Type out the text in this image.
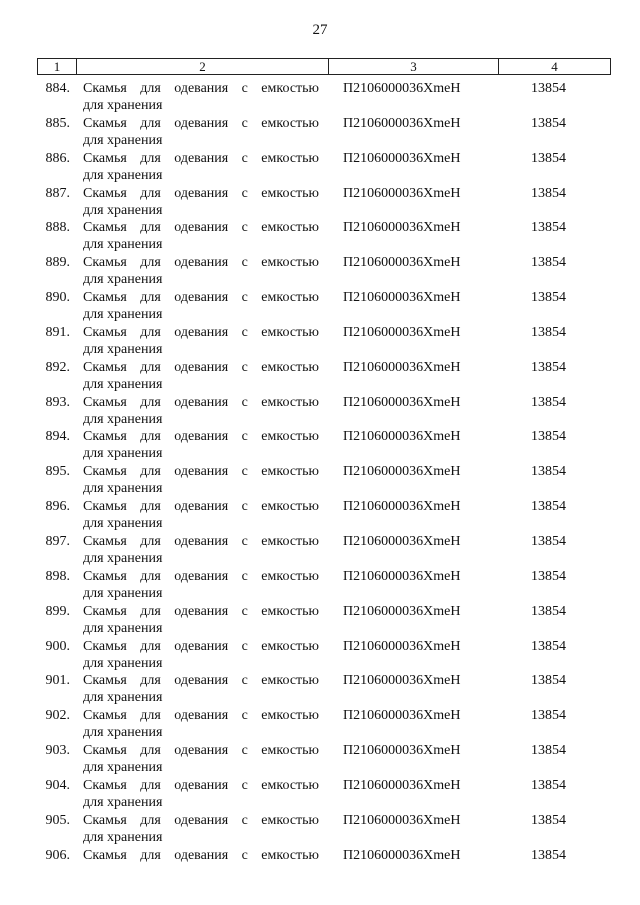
27
1	2	3	4
884. Скамья для одевания с емкостью
для хранения
П2106000036ХmeH	13854
885. Скамья для одевания с емкостью
для хранения
П2106000036ХmeH	13854
886. Скамья для одевания с емкостью
для хранения
П2106000036ХmeH	13854
887. Скамья для одевания с емкостью
для хранения
П2106000036ХmeH	13854
888. Скамья для одевания с емкостью
для хранения
П2106000036ХmeH	13854
889. Скамья для одевания с емкостью
для хранения
П2106000036ХmeH	13854
890. Скамья для одевания с емкостью
для хранения
П2106000036ХmeH	13854
891. Скамья для одевания с емкостью
для хранения
П2106000036ХmeH	13854
892. Скамья для одевания с емкостью
для хранения
П2106000036ХmeH	13854
893. Скамья для одевания с емкостью
для хранения
П2106000036ХmeH	13854
894. Скамья для одевания с емкостью
для хранения
П2106000036ХmeH	13854
895. Скамья для одевания с емкостью
для хранения
П2106000036ХmeH	13854
896. Скамья для одевания с емкостью
для хранения
П2106000036ХmeH	13854
897. Скамья для одевания с емкостью
для хранения
П2106000036ХmeH	13854
898. Скамья для одевания с емкостью
для хранения
П2106000036ХmeH	13854
899. Скамья для одевания с емкостью
для хранения
П2106000036ХmeH	13854
900. Скамья для одевания с емкостью
для хранения
П2106000036ХmeH	13854
901. Скамья для одевания с емкостью
для хранения
П2106000036ХmeH	13854
902. Скамья для одевания с емкостью
для хранения
П2106000036ХmeH	13854
903. Скамья для одевания с емкостью
для хранения
П2106000036ХmeH	13854
904. Скамья для одевания с емкостью
для хранения
П2106000036ХmeH	13854
905. Скамья для одевания с емкостью
для хранения
П2106000036ХmeH	13854
906. Скамья для одевания с емкостью П2106000036ХmeH	13854
